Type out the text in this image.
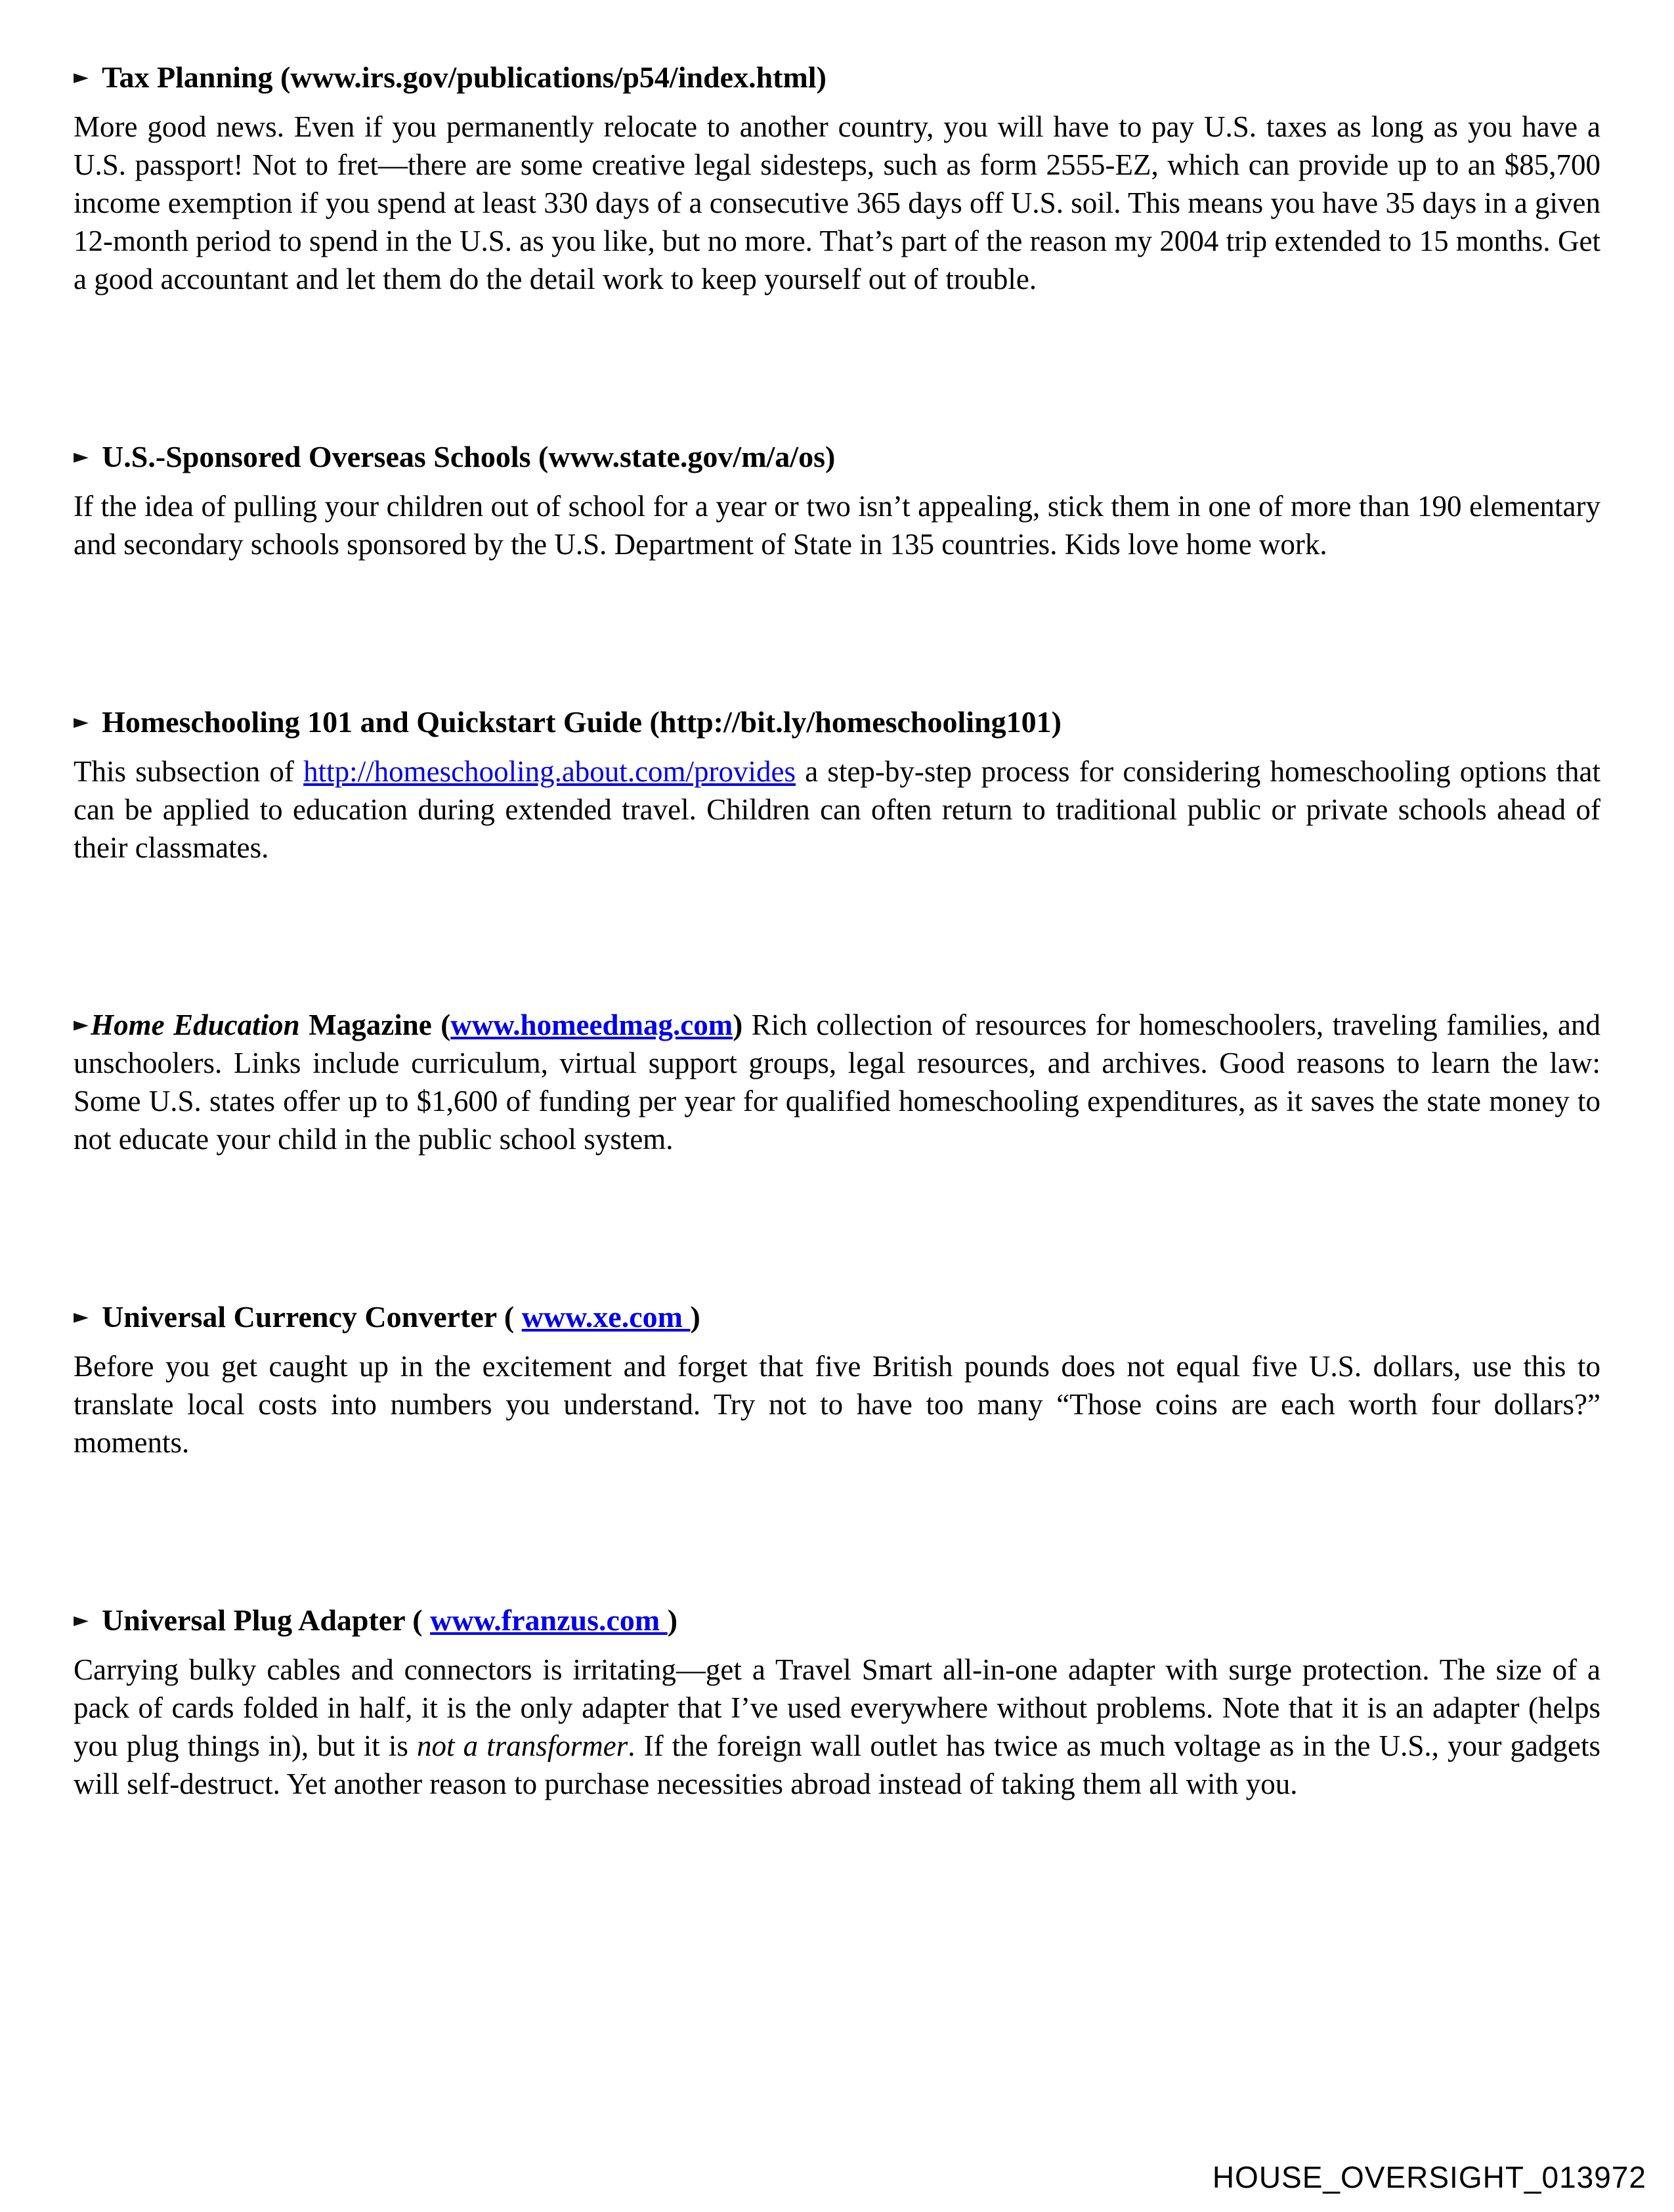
► Tax Planning (www.irs.gov/publications/p54/index.html)

More good news. Even if you permanently relocate to another country, you will have to pay U.S. taxes as long as you have a U.S. passport! Not to fret—there are some creative legal sidesteps, such as form 2555-EZ, which can provide up to an $85,700 income exemption if you spend at least 330 days of a consecutive 365 days off U.S. soil. This means you have 35 days in a given 12-month period to spend in the U.S. as you like, but no more. That’s part of the reason my 2004 trip extended to 15 months. Get a good accountant and let them do the detail work to keep yourself out of trouble.

► U.S.-Sponsored Overseas Schools (www.state.gov/m/a/os)

If the idea of pulling your children out of school for a year or two isn’t appealing, stick them in one of more than 190 elementary and secondary schools sponsored by the U.S. Department of State in 135 countries. Kids love home work.

► Homeschooling 101 and Quickstart Guide (http://bit.ly/homeschooling101)

This subsection of http://homeschooling.about.com/provides a step-by-step process for considering homeschooling options that can be applied to education during extended travel. Children can often return to traditional public or private schools ahead of their classmates.

►Home Education Magazine (www.homeedmag.com) Rich collection of resources for homeschoolers, traveling families, and unschoolers. Links include curriculum, virtual support groups, legal resources, and archives. Good reasons to learn the law: Some U.S. states offer up to $1,600 of funding per year for qualified homeschooling expenditures, as it saves the state money to not educate your child in the public school system.

► Universal Currency Converter ( www.xe.com )

Before you get caught up in the excitement and forget that five British pounds does not equal five U.S. dollars, use this to translate local costs into numbers you understand. Try not to have too many “Those coins are each worth four dollars?” moments.

► Universal Plug Adapter ( www.franzus.com )

Carrying bulky cables and connectors is irritating—get a Travel Smart all-in-one adapter with surge protection. The size of a pack of cards folded in half, it is the only adapter that I’ve used everywhere without problems. Note that it is an adapter (helps you plug things in), but it is not a transformer. If the foreign wall outlet has twice as much voltage as in the U.S., your gadgets will self-destruct. Yet another reason to purchase necessities abroad instead of taking them all with you.

HOUSE_OVERSIGHT_013972
